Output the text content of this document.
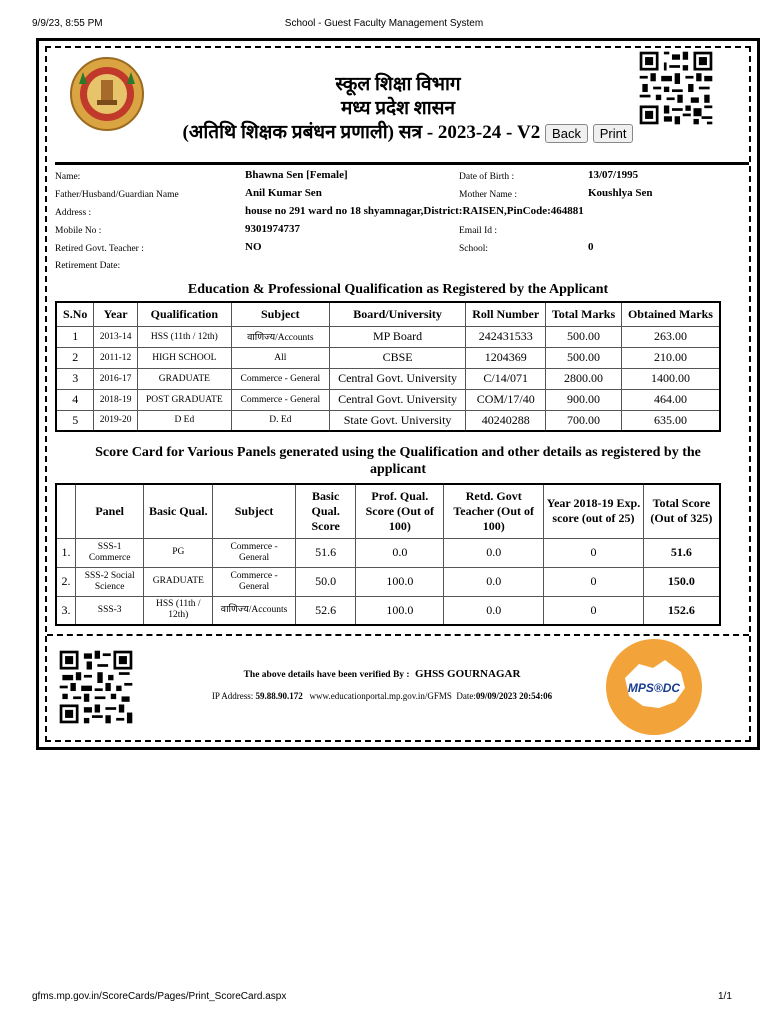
9/9/23, 8:55 PM	School - Guest Faculty Management System
स्कूल शिक्षा विभाग
मध्य प्रदेश शासन
(अतिथि शिक्षक प्रबंधन प्रणाली) सत्र - 2023-24 - V2 Back Print
Name:	Bhawna Sen [Female]	Date of Birth :	13/07/1995
Father/Husband/Guardian Name	Anil Kumar Sen	Mother Name :	Koushlya Sen
Address :	house no 291 ward no 18 shyamnagar,District:RAISEN,PinCode:464881
Mobile No :	9301974737	Email Id :
Retired Govt. Teacher :	NO	School:	0
Retirement Date:
Education & Professional Qualification as Registered by the Applicant
S.No	Year	Qualification	Subject	Board/University	Roll Number	Total Marks	Obtained Marks
1	2013-14	HSS (11th / 12th)	वाणिज्य/Accounts	MP Board	242431533	500.00	263.00
2	2011-12	HIGH SCHOOL	All	CBSE	1204369	500.00	210.00
3	2016-17	GRADUATE	Commerce - General	Central Govt. University	C/14/071	2800.00	1400.00
4	2018-19	POST GRADUATE	Commerce - General	Central Govt. University	COM/17/40	900.00	464.00
5	2019-20	D Ed	D. Ed	State Govt. University	40240288	700.00	635.00
Score Card for Various Panels generated using the Qualification and other details as registered by the applicant
	Panel	Basic Qual.	Subject	Basic Qual. Score	Prof. Qual. Score (Out of 100)	Retd. Govt Teacher (Out of 100)	Year 2018-19 Exp. score (out of 25)	Total Score (Out of 325)
1.	SSS-1 Commerce	PG	Commerce - General	51.6	0.0	0.0	0	51.6
2.	SSS-2 Social Science	GRADUATE	Commerce - General	50.0	100.0	0.0	0	150.0
3.	SSS-3	HSS (11th / 12th)	वाणिज्य/Accounts	52.6	100.0	0.0	0	152.6
The above details have been verified By : GHSS GOURNAGAR
IP Address: 59.88.90.172 www.educationportal.mp.gov.in/GFMS Date:09/09/2023 20:54:06
MPS®DC
gfms.mp.gov.in/ScoreCards/Pages/Print_ScoreCard.aspx	1/1
